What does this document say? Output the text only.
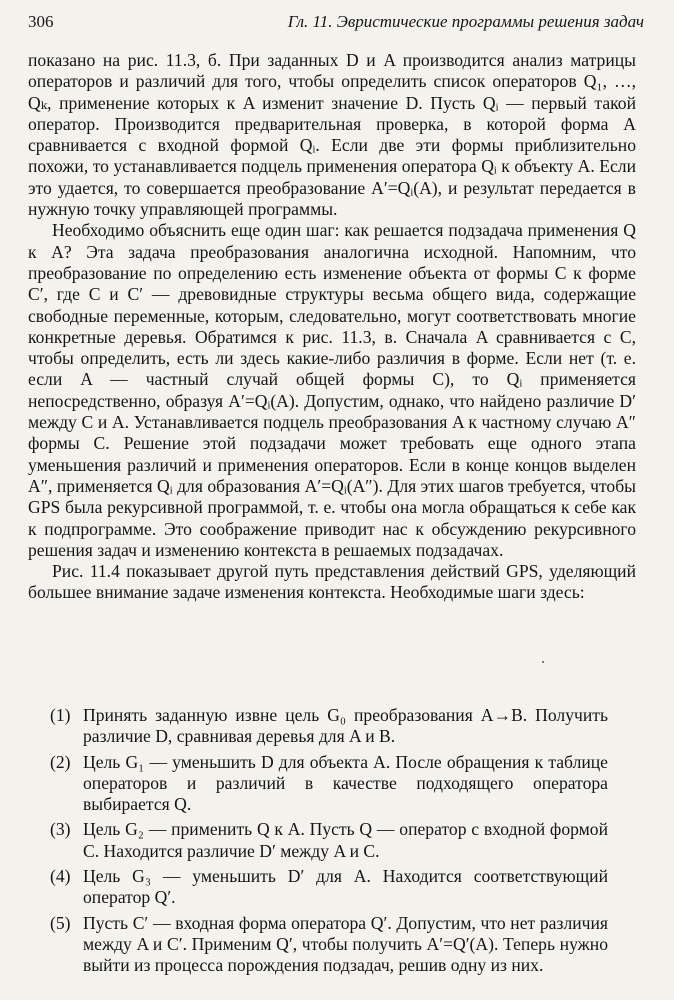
306	Гл. 11. Эвристические программы решения задач

показано на рис. 11.3, б. При заданных D и A производится анализ матрицы операторов и различий для того, чтобы определить список операторов Q₁, …, Qₖ, применение которых к A изменит значение D. Пусть Qᵢ — первый такой оператор. Производится предварительная проверка, в которой форма A сравнивается с входной формой Qᵢ. Если две эти формы приблизительно похожи, то устанавливается подцель применения оператора Qᵢ к объекту A. Если это удается, то совершается преобразование A′=Qᵢ(A), и результат передается в нужную точку управляющей программы.

Необходимо объяснить еще один шаг: как решается подзадача применения Q к A? Эта задача преобразования аналогична исходной. Напомним, что преобразование по определению есть изменение объекта от формы C к форме C′, где C и C′ — древовидные структуры весьма общего вида, содержащие свободные переменные, которым, следовательно, могут соответствовать многие конкретные деревья. Обратимся к рис. 11.3, в. Сначала A сравнивается с C, чтобы определить, есть ли здесь какие-либо различия в форме. Если нет (т. е. если A — частный случай общей формы C), то Qᵢ применяется непосредственно, образуя A′=Qᵢ(A). Допустим, однако, что найдено различие D′ между C и A. Устанавливается подцель преобразования A к частному случаю A″ формы C. Решение этой подзадачи может требовать еще одного этапа уменьшения различий и применения операторов. Если в конце концов выделен A″, применяется Qᵢ для образования A′=Qᵢ(A″). Для этих шагов требуется, чтобы GPS была рекурсивной программой, т. е. чтобы она могла обращаться к себе как к подпрограмме. Это соображение приводит нас к обсуждению рекурсивного решения задач и изменению контекста в решаемых подзадачах.

Рис. 11.4 показывает другой путь представления действий GPS, уделяющий большее внимание задаче изменения контекста. Необходимые шаги здесь:

(1) Принять заданную извне цель G₀ преобразования A→B. Получить различие D, сравнивая деревья для A и B.
(2) Цель G₁ — уменьшить D для объекта A. После обращения к таблице операторов и различий в качестве подходящего оператора выбирается Q.
(3) Цель G₂ — применить Q к A. Пусть Q — оператор с входной формой C. Находится различие D′ между A и C.
(4) Цель G₃ — уменьшить D′ для A. Находится соответствующий оператор Q′.
(5) Пусть C′ — входная форма оператора Q′. Допустим, что нет различия между A и C′. Применим Q′, чтобы получить A′=Q′(A). Теперь нужно выйти из процесса порождения подзадач, решив одну из них.
